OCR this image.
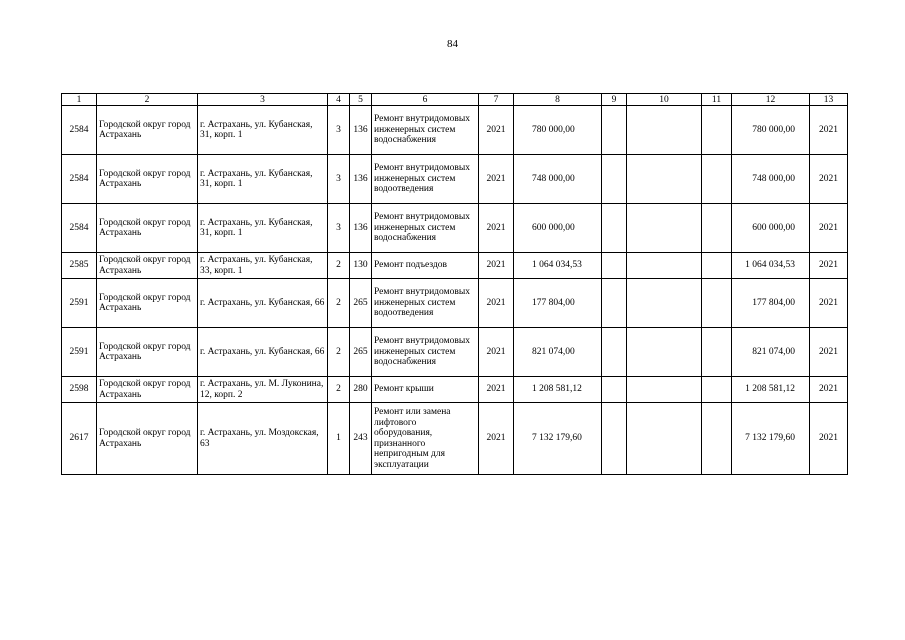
84
1	2	3	4	5	6	7	8	9	10	11	12	13
2584	Городской округ город Астрахань	г. Астрахань, ул. Кубанская, 31, корп. 1	3	136	Ремонт внутридомовых инженерных систем водоснабжения	2021	780 000,00				780 000,00	2021
2584	Городской округ город Астрахань	г. Астрахань, ул. Кубанская, 31, корп. 1	3	136	Ремонт внутридомовых инженерных систем водоотведения	2021	748 000,00				748 000,00	2021
2584	Городской округ город Астрахань	г. Астрахань, ул. Кубанская, 31, корп. 1	3	136	Ремонт внутридомовых инженерных систем водоснабжения	2021	600 000,00				600 000,00	2021
2585	Городской округ город Астрахань	г. Астрахань, ул. Кубанская, 33, корп. 1	2	130	Ремонт подъездов	2021	1 064 034,53				1 064 034,53	2021
2591	Городской округ город Астрахань	г. Астрахань, ул. Кубанская, 66	2	265	Ремонт внутридомовых инженерных систем водоотведения	2021	177 804,00				177 804,00	2021
2591	Городской округ город Астрахань	г. Астрахань, ул. Кубанская, 66	2	265	Ремонт внутридомовых инженерных систем водоснабжения	2021	821 074,00				821 074,00	2021
2598	Городской округ город Астрахань	г. Астрахань, ул. М. Луконина, 12, корп. 2	2	280	Ремонт крыши	2021	1 208 581,12				1 208 581,12	2021
2617	Городской округ город Астрахань	г. Астрахань, ул. Моздокская, 63	1	243	Ремонт или замена лифтового оборудования, признанного непригодным для эксплуатации	2021	7 132 179,60				7 132 179,60	2021
